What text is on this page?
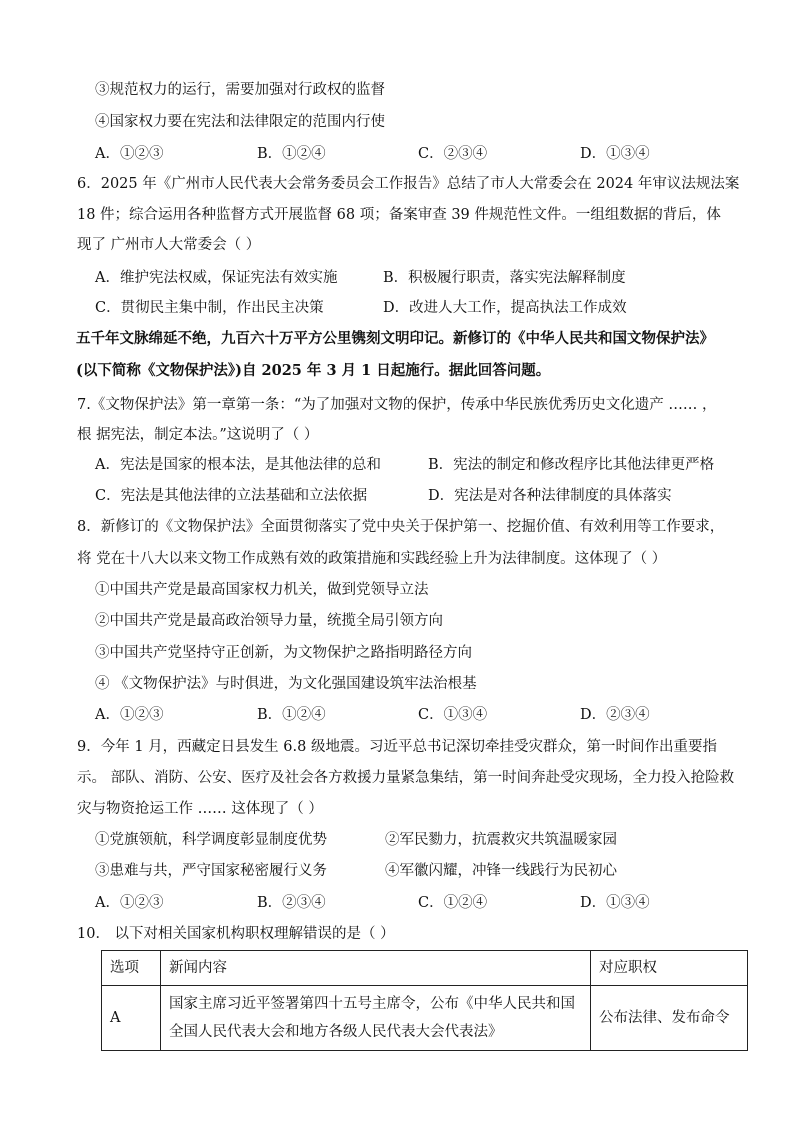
③规范权力的运行，需要加强对行政权的监督
④国家权力要在宪法和法律限定的范围内行使
A．①②③	B．①②④	C．②③④	D．①③④
6．2025 年《广州市人民代表大会常务委员会工作报告》总结了市人大常委会在 2024 年审议法规法案
18 件；综合运用各种监督方式开展监督 68 项；备案审查 39 件规范性文件。一组组数据的背后，体
现了 广州市人大常委会（ ）
A．维护宪法权威，保证宪法有效实施	B．积极履行职责，落实宪法解释制度
C．贯彻民主集中制，作出民主决策	D．改进人大工作，提高执法工作成效
五千年文脉绵延不绝，九百六十万平方公里镌刻文明印记。新修订的《中华人民共和国文物保护法》
(以下简称《文物保护法》)自 2025 年 3 月 1 日起施行。据此回答问题。
7.《文物保护法》第一章第一条：“为了加强对文物的保护，传承中华民族优秀历史文化遗产 …… ，
根 据宪法，制定本法。”这说明了（ ）
A．宪法是国家的根本法，是其他法律的总和	B．宪法的制定和修改程序比其他法律更严格
C．宪法是其他法律的立法基础和立法依据	D．宪法是对各种法律制度的具体落实
8．新修订的《文物保护法》全面贯彻落实了党中央关于保护第一、挖掘价值、有效利用等工作要求，
将 党在十八大以来文物工作成熟有效的政策措施和实践经验上升为法律制度。这体现了（ ）
①中国共产党是最高国家权力机关，做到党领导立法
②中国共产党是最高政治领导力量，统揽全局引领方向
③中国共产党坚持守正创新，为文物保护之路指明路径方向
④ 《文物保护法》与时俱进，为文化强国建设筑牢法治根基
A．①②③	B．①②④	C．①③④	D．②③④
9．今年 1 月，西藏定日县发生 6.8 级地震。习近平总书记深切牵挂受灾群众，第一时间作出重要指
示。 部队、消防、公安、医疗及社会各方救援力量紧急集结，第一时间奔赴受灾现场，全力投入抢险救
灾与物资抢运工作 …… 这体现了（ ）
①党旗领航，科学调度彰显制度优势	②军民勠力，抗震救灾共筑温暖家园
③患难与共，严守国家秘密履行义务	④军徽闪耀，冲锋一线践行为民初心
A．①②③	B．②③④	C．①②④	D．①③④
10． 以下对相关国家机构职权理解错误的是（ ）
选项	新闻内容	对应职权
A	国家主席习近平签署第四十五号主席令，公布《中华人民共和国全国人民代表大会和地方各级人民代表大会代表法》	公布法律、发布命令
